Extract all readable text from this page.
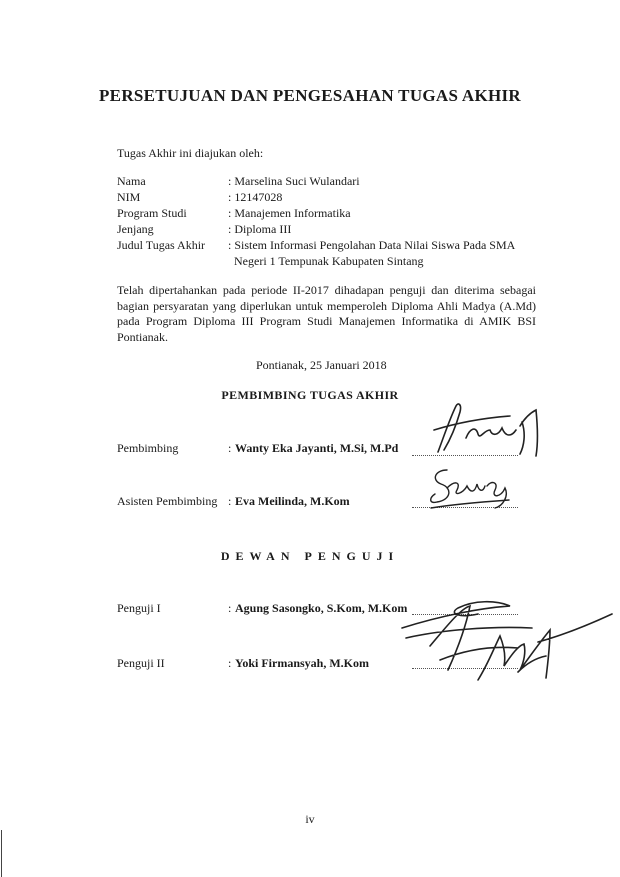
PERSETUJUAN DAN PENGESAHAN TUGAS AKHIR
Tugas Akhir ini diajukan oleh:
Nama	: Marselina Suci Wulandari
NIM	: 12147028
Program Studi	: Manajemen Informatika
Jenjang	: Diploma III
Judul Tugas Akhir : Sistem Informasi Pengolahan Data Nilai Siswa Pada SMA
Negeri 1 Tempunak Kabupaten Sintang
Telah dipertahankan pada periode II-2017 dihadapan penguji dan diterima sebagai bagian persyaratan yang diperlukan untuk memperoleh Diploma Ahli Madya (A.Md) pada Program Diploma III Program Studi Manajemen Informatika di AMIK BSI Pontianak.
Pontianak, 25 Januari 2018
PEMBIMBING TUGAS AKHIR
Pembimbing	: Wanty Eka Jayanti, M.Si, M.Pd
Asisten Pembimbing : Eva Meilinda, M.Kom
DEWAN PENGUJI
Penguji I	: Agung Sasongko, S.Kom, M.Kom
Penguji II	: Yoki Firmansyah, M.Kom
iv
